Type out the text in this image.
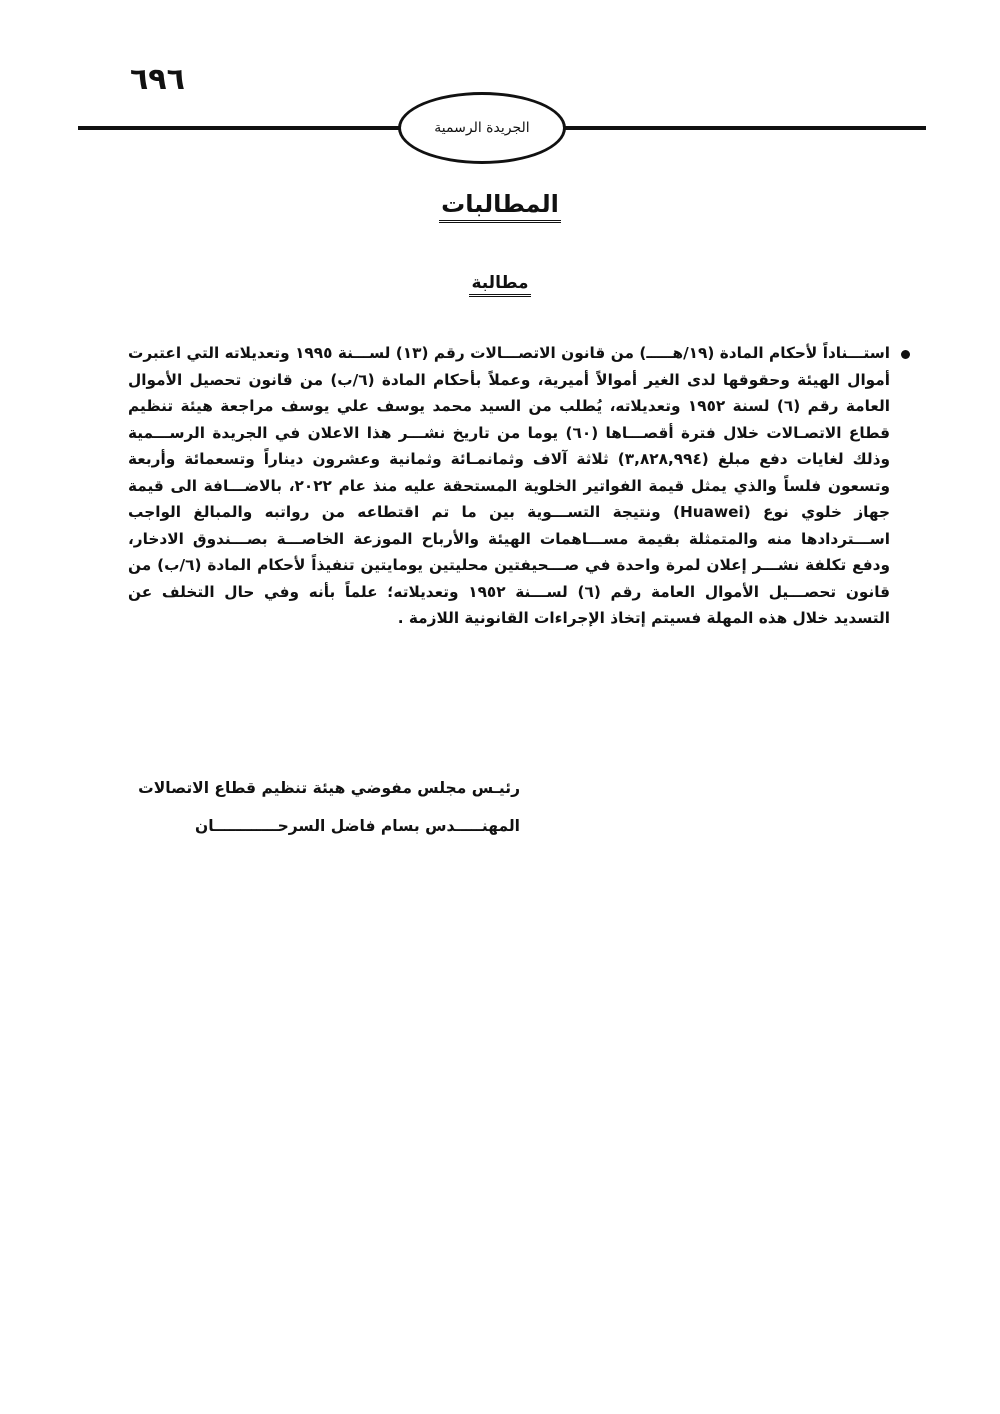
٦٩٦
الجريدة الرسمية
المطالبات
مطالبة

استـــناداً لأحكام المادة (١٩/هـــــ) من قانون الاتصـــالات رقم (١٣) لســـنة ١٩٩٥ وتعديلاته التي اعتبرت أموال الهيئة وحقوقها لدى الغير أموالاً أميرية، وعملاً بأحكام المادة (٦/ب) من قانون تحصيل الأموال العامة رقم (٦) لسنة ١٩٥٢ وتعديلاته، يُطلب من السيد محمد يوسف علي يوسف مراجعة هيئة تنظيم قطاع الاتصـالات خلال فترة أقصـــاها (٦٠) يوما من تاريخ نشـــر هذا الاعلان في الجريدة الرســـمية وذلك لغايات دفع مبلغ (٣,٨٢٨,٩٩٤) ثلاثة آلاف وثمانمـائة وثمانية وعشرون ديناراً وتسعمائة وأربعة وتسعون فلساً والذي يمثل قيمة الفواتير الخلوية المستحقة عليه منذ عام ٢٠٢٢، بالاضـــافة الى قيمة جهاز خلوي نوع (Huawei) ونتيجة التســـوية بين ما تم اقتطاعه من رواتبه والمبالغ الواجب اســـتردادها منه والمتمثلة بقيمة مســـاهمات الهيئة والأرباح الموزعة الخاصـــة بصـــندوق الادخار، ودفع تكلفة نشـــر إعلان لمرة واحدة في صـــحيفتين محليتين يومايتين تنفيذاً لأحكام المادة (٦/ب) من قانون تحصـــيل الأموال العامة رقم (٦) لســـنة ١٩٥٢ وتعديلاته؛ علماً بأنه وفي حال التخلف عن التسديد خلال هذه المهلة فسيتم إتخاذ الإجراءات القانونية اللازمة .

رئيـس مجلس مفوضي هيئة تنظيم قطاع الاتصالات
المهنـــــدس بسام فاضل السرحــــــــــــان
